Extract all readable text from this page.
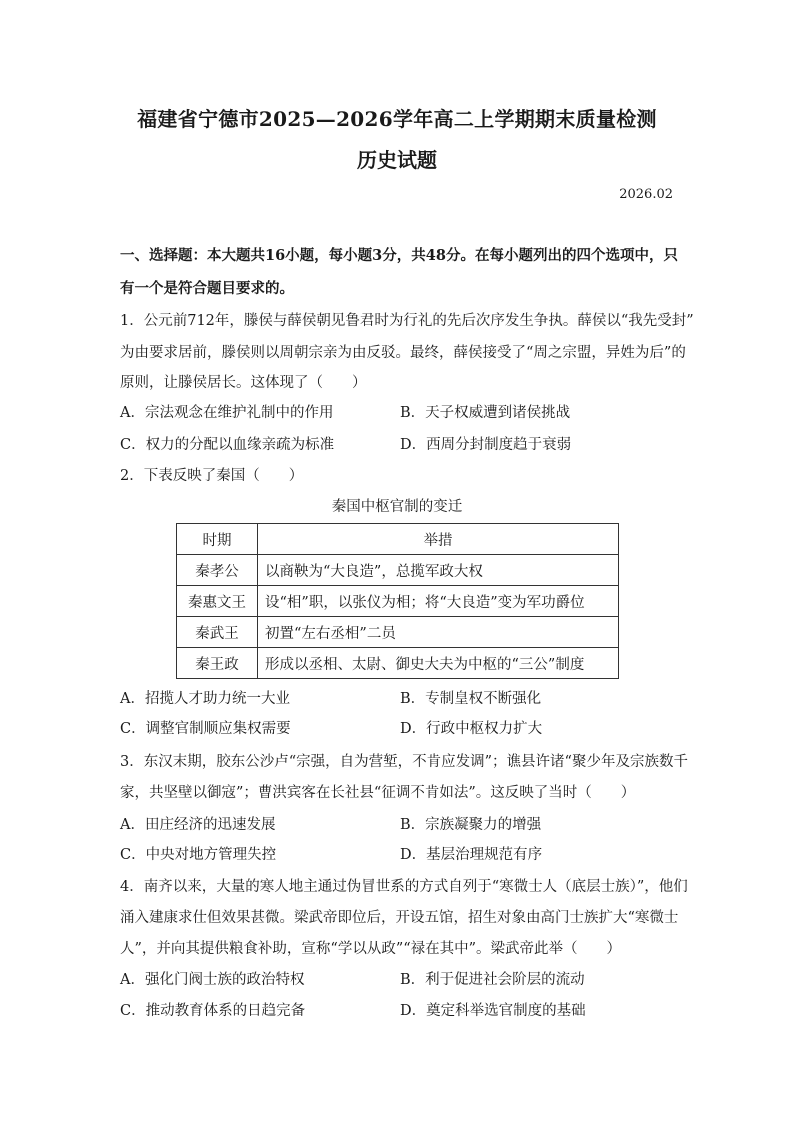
福建省宁德市2025—2026学年高二上学期期末质量检测
历史试题
2026.02
一、选择题：本大题共16小题，每小题3分，共48分。在每小题列出的四个选项中，只
有一个是符合题目要求的。
1．公元前712年，滕侯与薛侯朝见鲁君时为行礼的先后次序发生争执。薛侯以“我先受封”
为由要求居前，滕侯则以周朝宗亲为由反驳。最终，薛侯接受了“周之宗盟，异姓为后”的
原则，让滕侯居长。这体现了（　　）
A．宗法观念在维护礼制中的作用	B．天子权威遭到诸侯挑战
C．权力的分配以血缘亲疏为标准	D．西周分封制度趋于衰弱
2．下表反映了秦国（　　）
秦国中枢官制的变迁
时期	举措
秦孝公	以商鞅为“大良造”，总揽军政大权
秦惠文王	设“相”职，以张仪为相；将“大良造”变为军功爵位
秦武王	初置“左右丞相”二员
秦王政	形成以丞相、太尉、御史大夫为中枢的“三公”制度
A．招揽人才助力统一大业	B．专制皇权不断强化
C．调整官制顺应集权需要	D．行政中枢权力扩大
3．东汉末期，胶东公沙卢“宗强，自为营堑，不肯应发调”；谯县许诸“聚少年及宗族数千
家，共坚壁以御寇”；曹洪宾客在长社县“征调不肯如法”。这反映了当时（　　）
A．田庄经济的迅速发展	B．宗族凝聚力的增强
C．中央对地方管理失控	D．基层治理规范有序
4．南齐以来，大量的寒人地主通过伪冒世系的方式自列于“寒微士人（底层士族）”，他们
涌入建康求仕但效果甚微。梁武帝即位后，开设五馆，招生对象由高门士族扩大“寒微士
人”，并向其提供粮食补助，宣称“学以从政”“禄在其中”。梁武帝此举（　　）
A．强化门阀士族的政治特权	B．利于促进社会阶层的流动
C．推动教育体系的日趋完备	D．奠定科举选官制度的基础
